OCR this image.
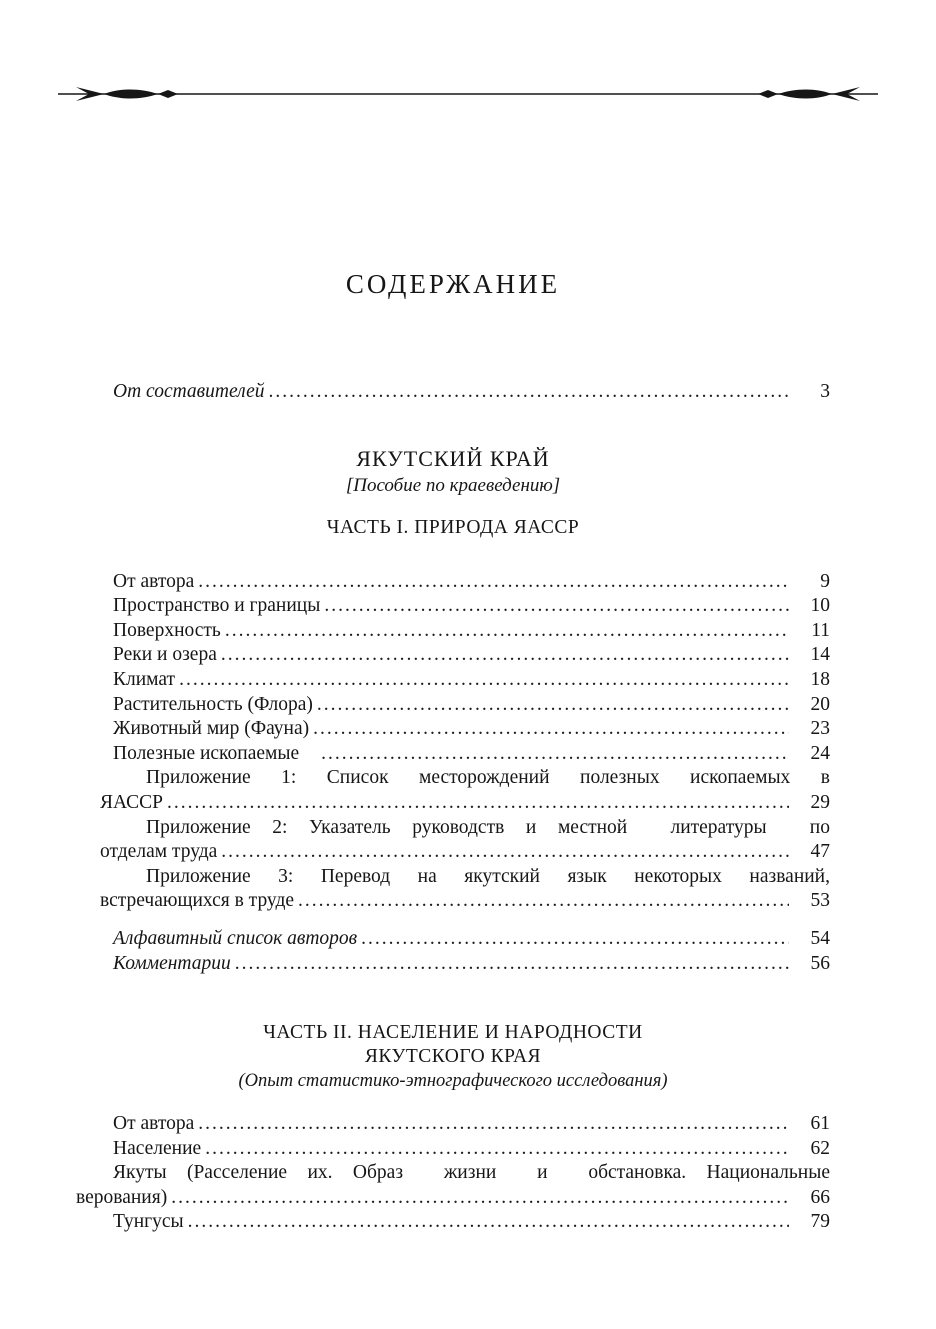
СОДЕРЖАНИЕ
От составителей .....	3
ЯКУТСКИЙ КРАЙ
[Пособие по краеведению]
ЧАСТЬ I. ПРИРОДА ЯАССР
От автора .....	9
Пространство и границы .....	10
Поверхность .....	11
Реки и озера .....	14
Климат .....	18
Растительность (Флора) .....	20
Животный мир (Фауна) .....	23
Полезные ископаемые .....	24
Приложение 1: Список месторождений полезных ископаемых в
ЯАССР .....	29
Приложение 2: Указатель руководств и местной  литературы  по
отделам труда .....	47
Приложение 3: Перевод на якутский язык некоторых названий,
встречающихся в труде .....	53
Алфавитный список авторов .....	54
Комментарии .....	56
ЧАСТЬ II. НАСЕЛЕНИЕ И НАРОДНОСТИ
ЯКУТСКОГО КРАЯ
(Опыт статистико-этнографического исследования)
От автора .....	61
Население .....	62
Якуты (Расселение их. Образ  жизни  и  обстановка. Национальные
верования) .....	66
Тунгусы .....	79
